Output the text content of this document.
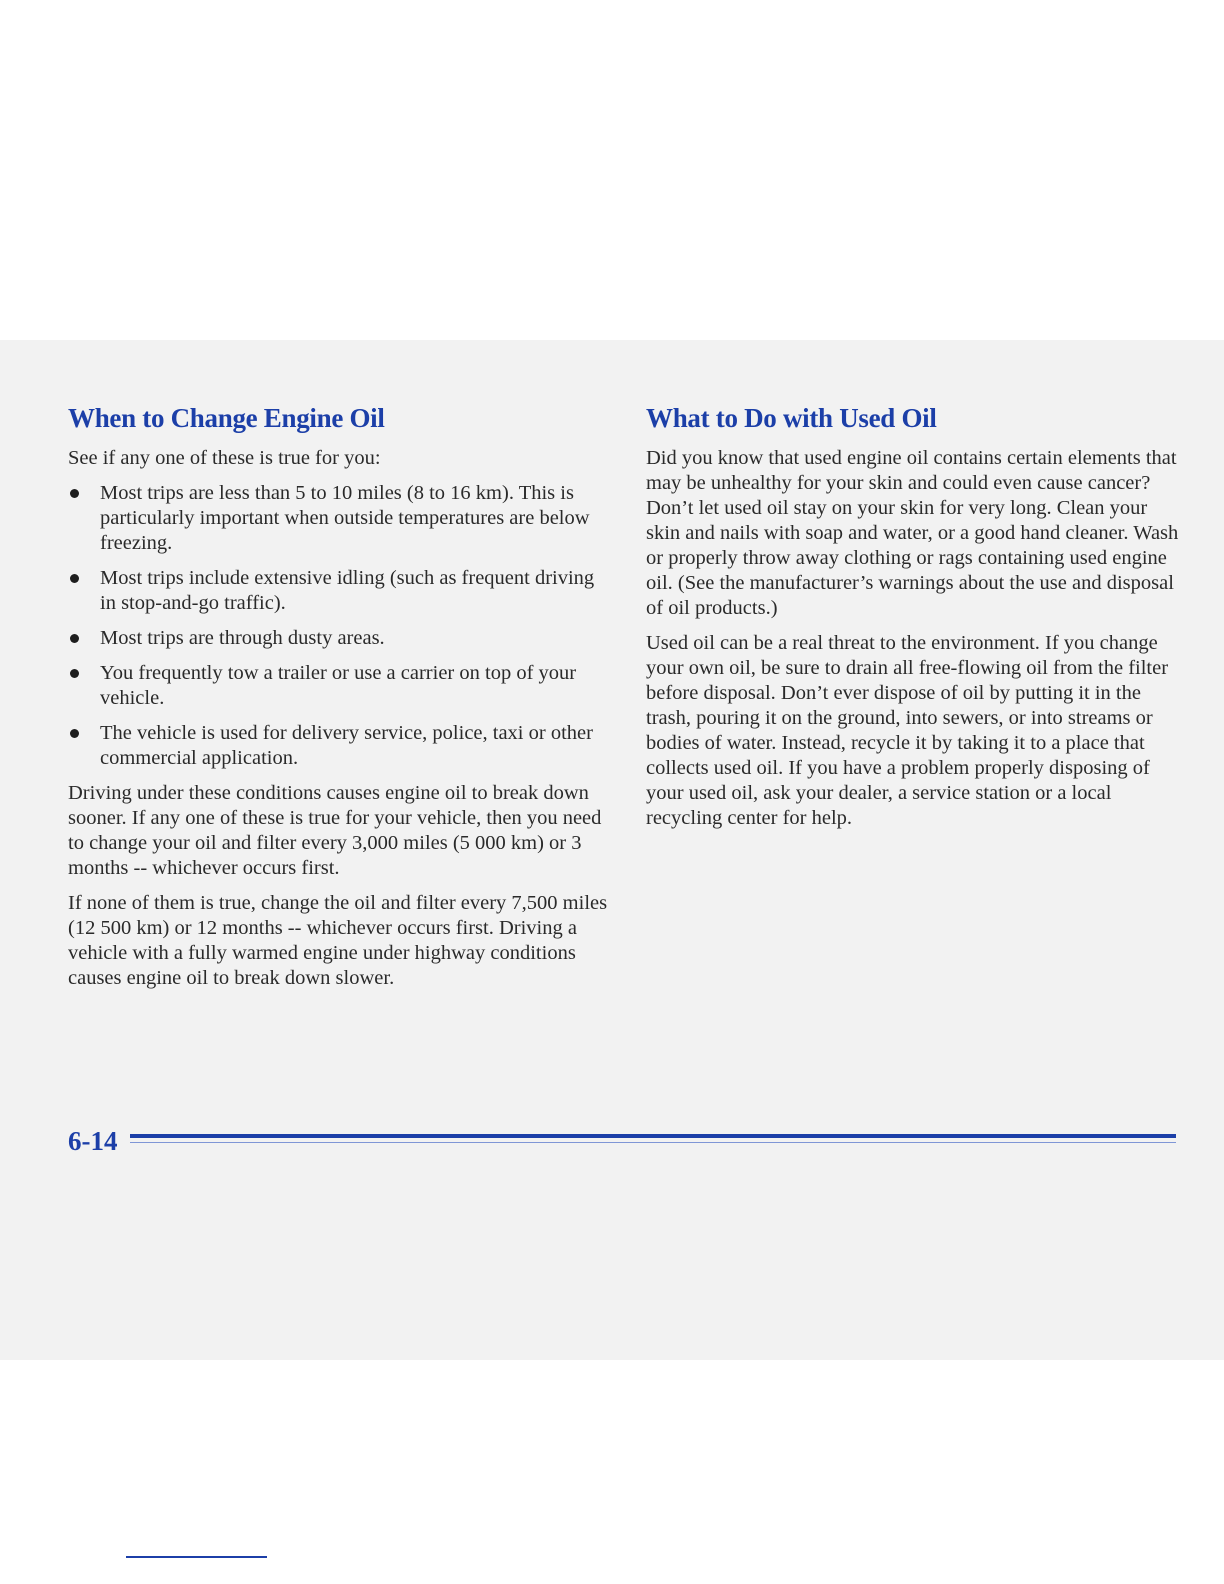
When to Change Engine Oil

See if any one of these is true for you:

Most trips are less than 5 to 10 miles (8 to 16 km). This is particularly important when outside temperatures are below freezing.
Most trips include extensive idling (such as frequent driving in stop-and-go traffic).
Most trips are through dusty areas.
You frequently tow a trailer or use a carrier on top of your vehicle.
The vehicle is used for delivery service, police, taxi or other commercial application.

Driving under these conditions causes engine oil to break down sooner. If any one of these is true for your vehicle, then you need to change your oil and filter every 3,000 miles (5 000 km) or 3 months -- whichever occurs first.

If none of them is true, change the oil and filter every 7,500 miles (12 500 km) or 12 months -- whichever occurs first. Driving a vehicle with a fully warmed engine under highway conditions causes engine oil to break down slower.

What to Do with Used Oil

Did you know that used engine oil contains certain elements that may be unhealthy for your skin and could even cause cancer? Don’t let used oil stay on your skin for very long. Clean your skin and nails with soap and water, or a good hand cleaner. Wash or properly throw away clothing or rags containing used engine oil. (See the manufacturer’s warnings about the use and disposal of oil products.)

Used oil can be a real threat to the environment. If you change your own oil, be sure to drain all free-flowing oil from the filter before disposal. Don’t ever dispose of oil by putting it in the trash, pouring it on the ground, into sewers, or into streams or bodies of water. Instead, recycle it by taking it to a place that collects used oil. If you have a problem properly disposing of your used oil, ask your dealer, a service station or a local recycling center for help.

6-14
